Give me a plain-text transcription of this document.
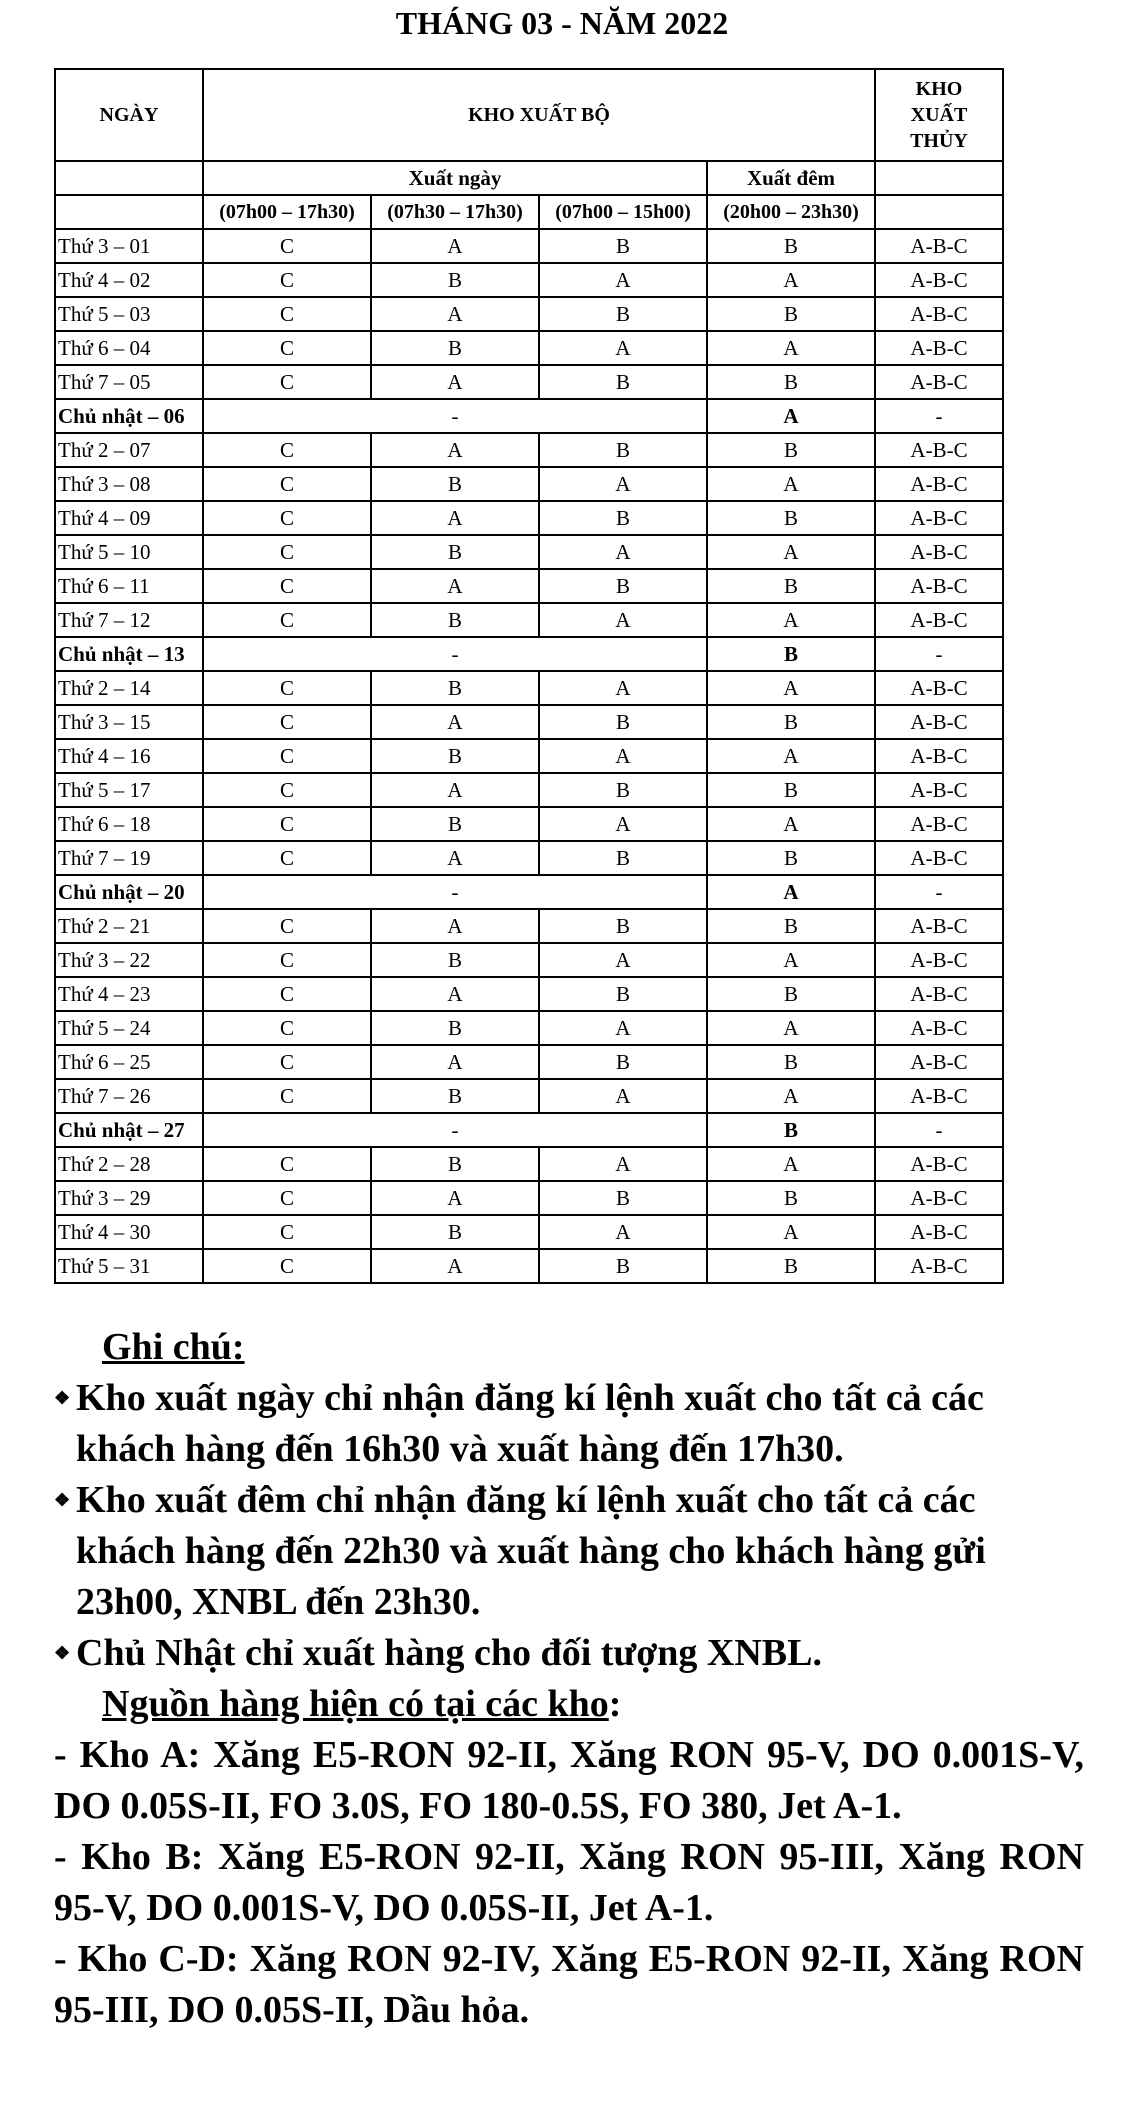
THÁNG 03 - NĂM 2022
NGÀY	KHO XUẤT BỘ				KHO XUẤT THỦY
	Xuất ngày			Xuất đêm	
	(07h00 – 17h30)	(07h30 – 17h30)	(07h00 – 15h00)	(20h00 – 23h30)	
Thứ 3 – 01	C	A	B	B	A-B-C
Thứ 4 – 02	C	B	A	A	A-B-C
Thứ 5 – 03	C	A	B	B	A-B-C
Thứ 6 – 04	C	B	A	A	A-B-C
Thứ 7 – 05	C	A	B	B	A-B-C
Chủ nhật – 06	-			A	-
Thứ 2 – 07	C	A	B	B	A-B-C
Thứ 3 – 08	C	B	A	A	A-B-C
Thứ 4 – 09	C	A	B	B	A-B-C
Thứ 5 – 10	C	B	A	A	A-B-C
Thứ 6 – 11	C	A	B	B	A-B-C
Thứ 7 – 12	C	B	A	A	A-B-C
Chủ nhật – 13	-			B	-
Thứ 2 – 14	C	B	A	A	A-B-C
Thứ 3 – 15	C	A	B	B	A-B-C
Thứ 4 – 16	C	B	A	A	A-B-C
Thứ 5 – 17	C	A	B	B	A-B-C
Thứ 6 – 18	C	B	A	A	A-B-C
Thứ 7 – 19	C	A	B	B	A-B-C
Chủ nhật – 20	-			A	-
Thứ 2 – 21	C	A	B	B	A-B-C
Thứ 3 – 22	C	B	A	A	A-B-C
Thứ 4 – 23	C	A	B	B	A-B-C
Thứ 5 – 24	C	B	A	A	A-B-C
Thứ 6 – 25	C	A	B	B	A-B-C
Thứ 7 – 26	C	B	A	A	A-B-C
Chủ nhật – 27	-			B	-
Thứ 2 – 28	C	B	A	A	A-B-C
Thứ 3 – 29	C	A	B	B	A-B-C
Thứ 4 – 30	C	B	A	A	A-B-C
Thứ 5 – 31	C	A	B	B	A-B-C
Ghi chú:
❖ Kho xuất ngày chỉ nhận đăng kí lệnh xuất cho tất cả các khách hàng đến 16h30 và xuất hàng đến 17h30.
❖ Kho xuất đêm chỉ nhận đăng kí lệnh xuất cho tất cả các khách hàng đến 22h30 và xuất hàng cho khách hàng gửi 23h00, XNBL đến 23h30.
❖ Chủ Nhật chỉ xuất hàng cho đối tượng XNBL.
Nguồn hàng hiện có tại các kho:
- Kho A: Xăng E5-RON 92-II, Xăng RON 95-V, DO 0.001S-V, DO 0.05S-II, FO 3.0S, FO 180-0.5S, FO 380, Jet A-1.
- Kho B: Xăng E5-RON 92-II, Xăng RON 95-III, Xăng RON 95-V, DO 0.001S-V, DO 0.05S-II, Jet A-1.
- Kho C-D: Xăng RON 92-IV, Xăng E5-RON 92-II, Xăng RON 95-III, DO 0.05S-II, Dầu hỏa.
